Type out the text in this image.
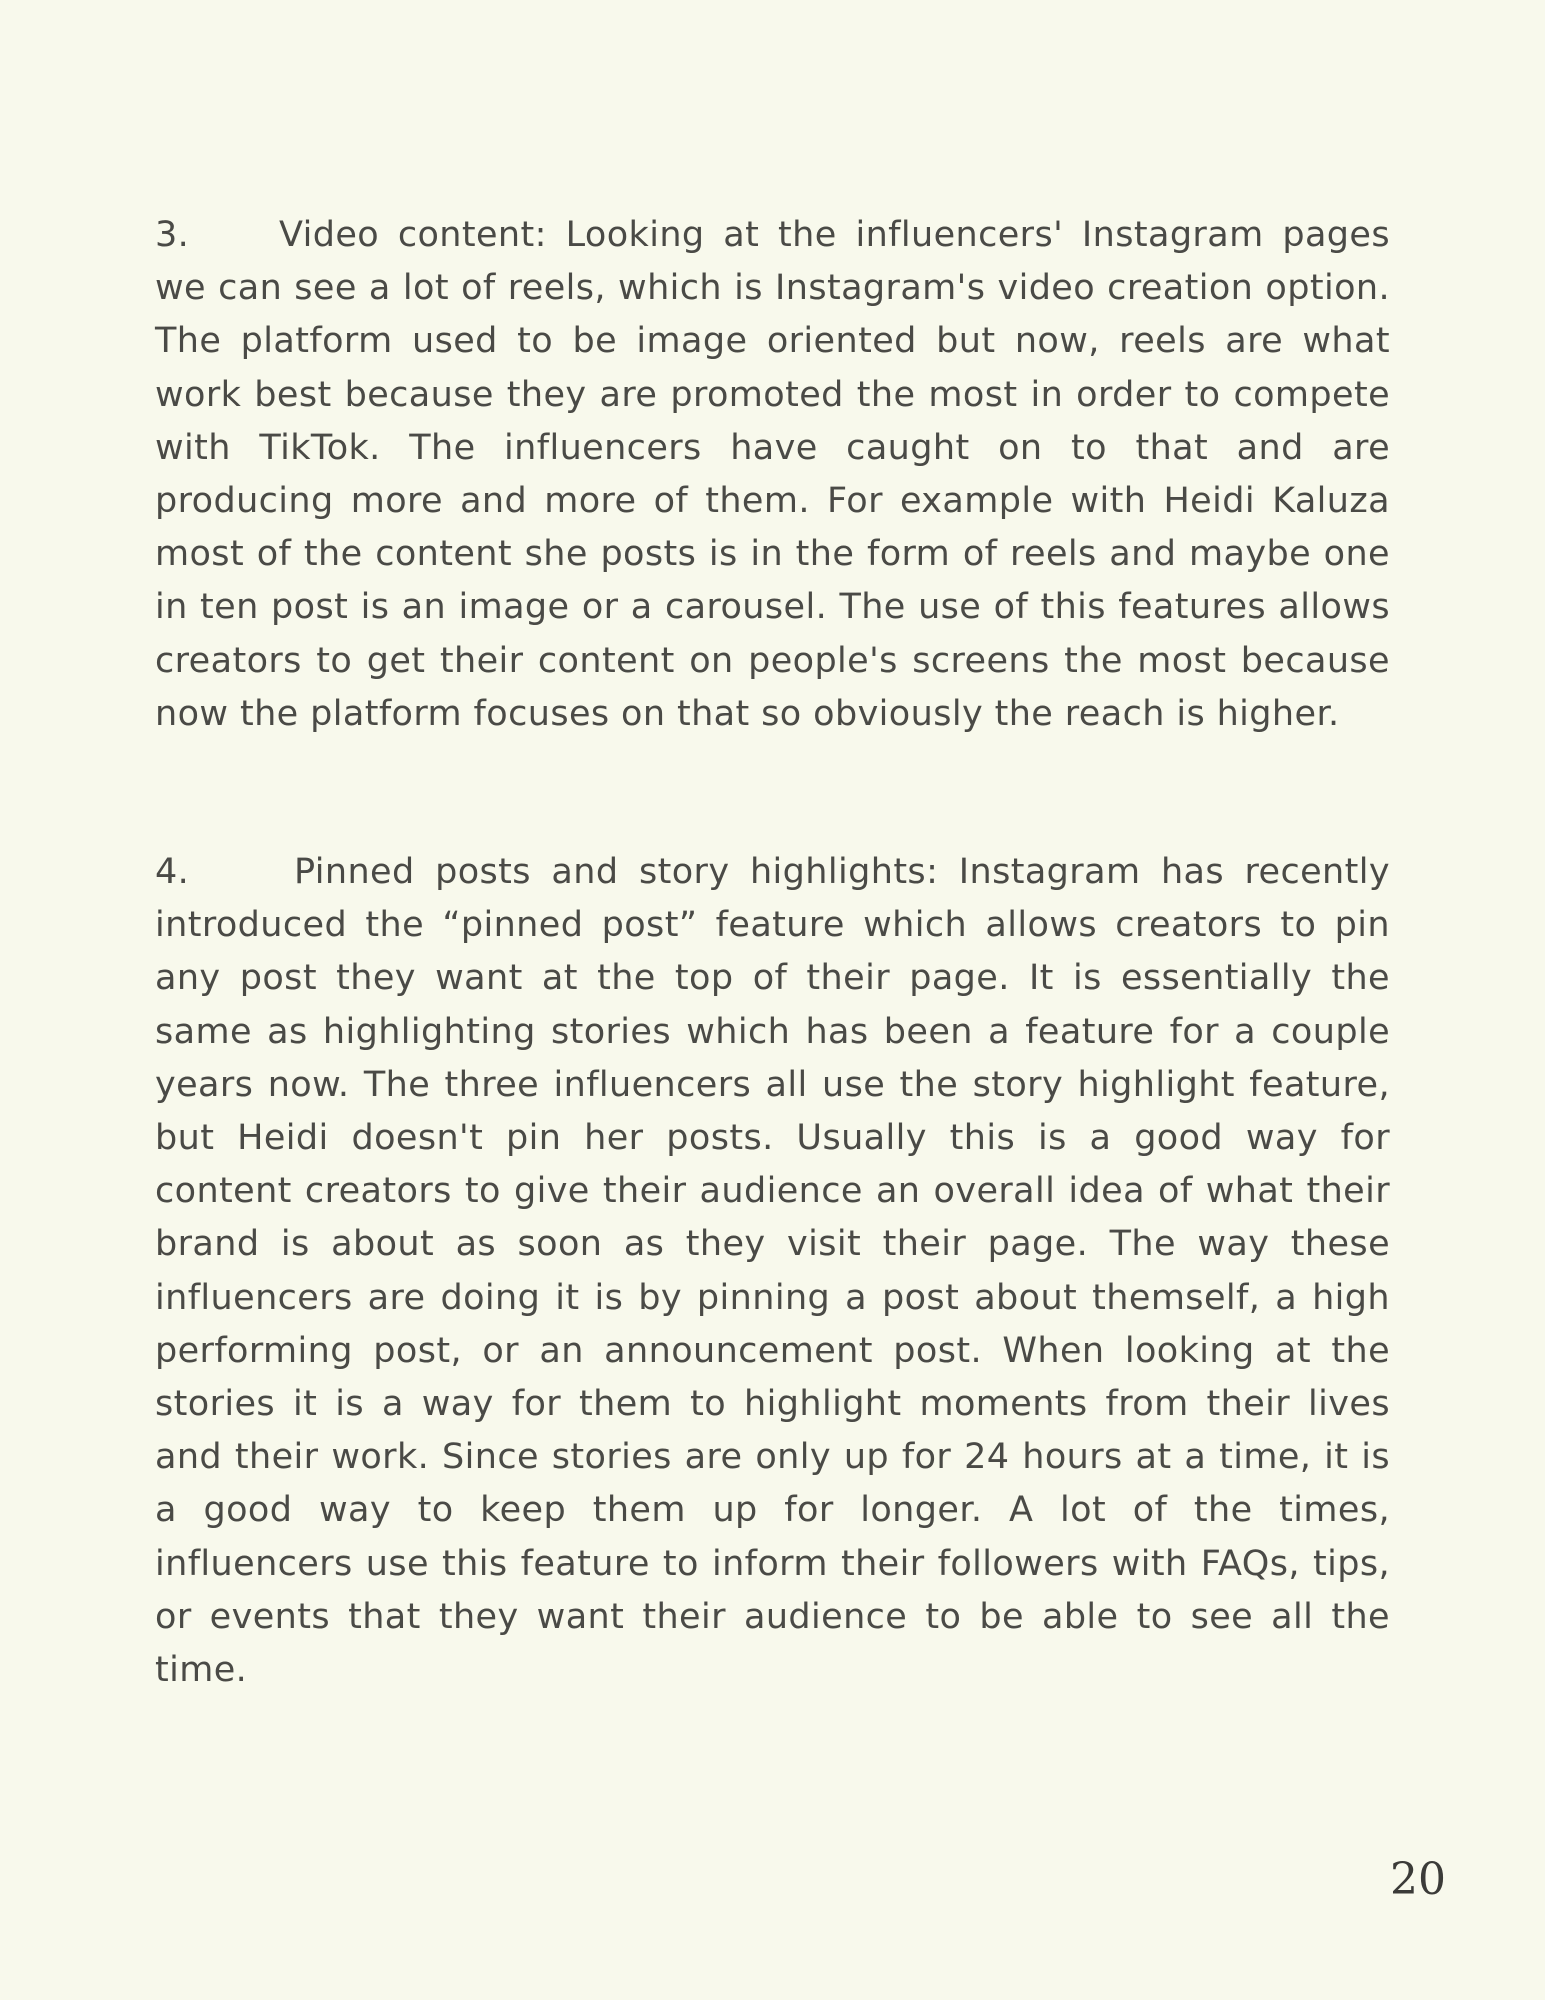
3.	Video content: Looking at the influencers' Instagram pages we can see a lot of reels, which is Instagram's video creation option. The platform used to be image oriented but now, reels are what work best because they are promoted the most in order to compete with TikTok. The influencers have caught on to that and are producing more and more of them. For example with Heidi Kaluza most of the content she posts is in the form of reels and maybe one in ten post is an image or a carousel. The use of this features allows creators to get their content on people's screens the most because now the platform focuses on that so obviously the reach is higher.

4.	Pinned posts and story highlights: Instagram has recently introduced the “pinned post” feature which allows creators to pin any post they want at the top of their page. It is essentially the same as highlighting stories which has been a feature for a couple years now. The three influencers all use the story highlight feature, but Heidi doesn't pin her posts. Usually this is a good way for content creators to give their audience an overall idea of what their brand is about as soon as they visit their page. The way these influencers are doing it is by pinning a post about themself, a high performing post, or an announcement post. When looking at the stories it is a way for them to highlight moments from their lives and their work. Since stories are only up for 24 hours at a time, it is a good way to keep them up for longer. A lot of the times, influencers use this feature to inform their followers with FAQs, tips, or events that they want their audience to be able to see all the time.

20
